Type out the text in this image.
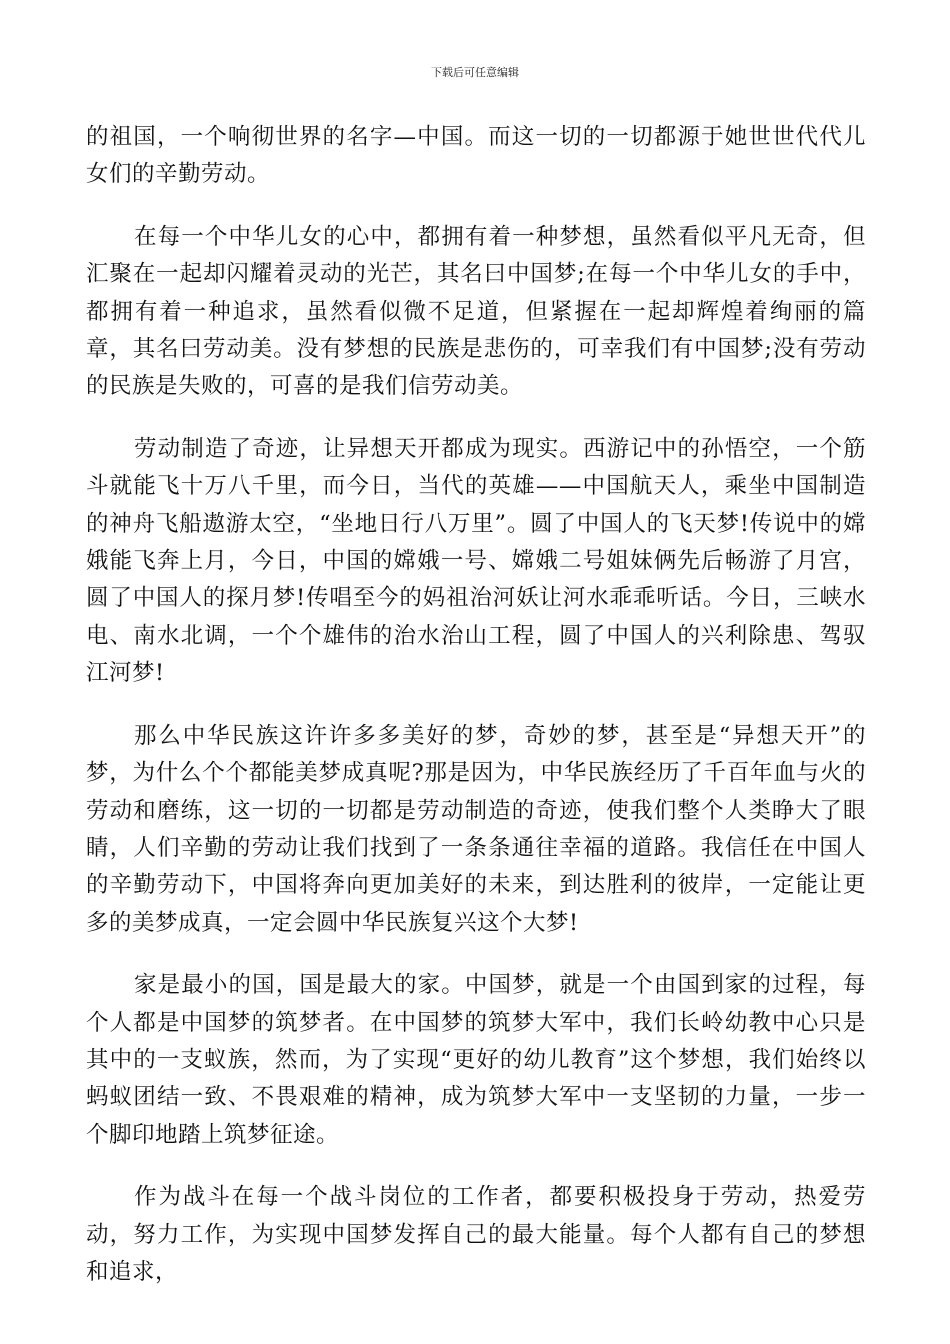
下载后可任意编辑

的祖国，一个响彻世界的名字—中国。而这一切的一切都源于她世世代代儿女们的辛勤劳动。

在每一个中华儿女的心中，都拥有着一种梦想，虽然看似平凡无奇，但汇聚在一起却闪耀着灵动的光芒，其名曰中国梦;在每一个中华儿女的手中，都拥有着一种追求，虽然看似微不足道，但紧握在一起却辉煌着绚丽的篇章，其名曰劳动美。没有梦想的民族是悲伤的，可幸我们有中国梦;没有劳动的民族是失败的，可喜的是我们信劳动美。

劳动制造了奇迹，让异想天开都成为现实。西游记中的孙悟空，一个筋斗就能飞十万八千里，而今日，当代的英雄——中国航天人，乘坐中国制造的神舟飞船遨游太空，“坐地日行八万里”。圆了中国人的飞天梦!传说中的嫦娥能飞奔上月，今日，中国的嫦娥一号、嫦娥二号姐妹俩先后畅游了月宫，圆了中国人的探月梦!传唱至今的妈祖治河妖让河水乖乖听话。今日，三峡水电、南水北调，一个个雄伟的治水治山工程，圆了中国人的兴利除患、驾驭江河梦!

那么中华民族这许许多多美好的梦，奇妙的梦，甚至是“异想天开”的梦，为什么个个都能美梦成真呢?那是因为，中华民族经历了千百年血与火的劳动和磨练，这一切的一切都是劳动制造的奇迹，使我们整个人类睁大了眼睛，人们辛勤的劳动让我们找到了一条条通往幸福的道路。我信任在中国人的辛勤劳动下，中国将奔向更加美好的未来，到达胜利的彼岸，一定能让更多的美梦成真，一定会圆中华民族复兴这个大梦!

家是最小的国，国是最大的家。中国梦，就是一个由国到家的过程，每个人都是中国梦的筑梦者。在中国梦的筑梦大军中，我们长岭幼教中心只是其中的一支蚁族，然而，为了实现“更好的幼儿教育”这个梦想，我们始终以蚂蚁团结一致、不畏艰难的精神，成为筑梦大军中一支坚韧的力量，一步一个脚印地踏上筑梦征途。

作为战斗在每一个战斗岗位的工作者，都要积极投身于劳动，热爱劳动，努力工作，为实现中国梦发挥自己的最大能量。每个人都有自己的梦想和追求，
